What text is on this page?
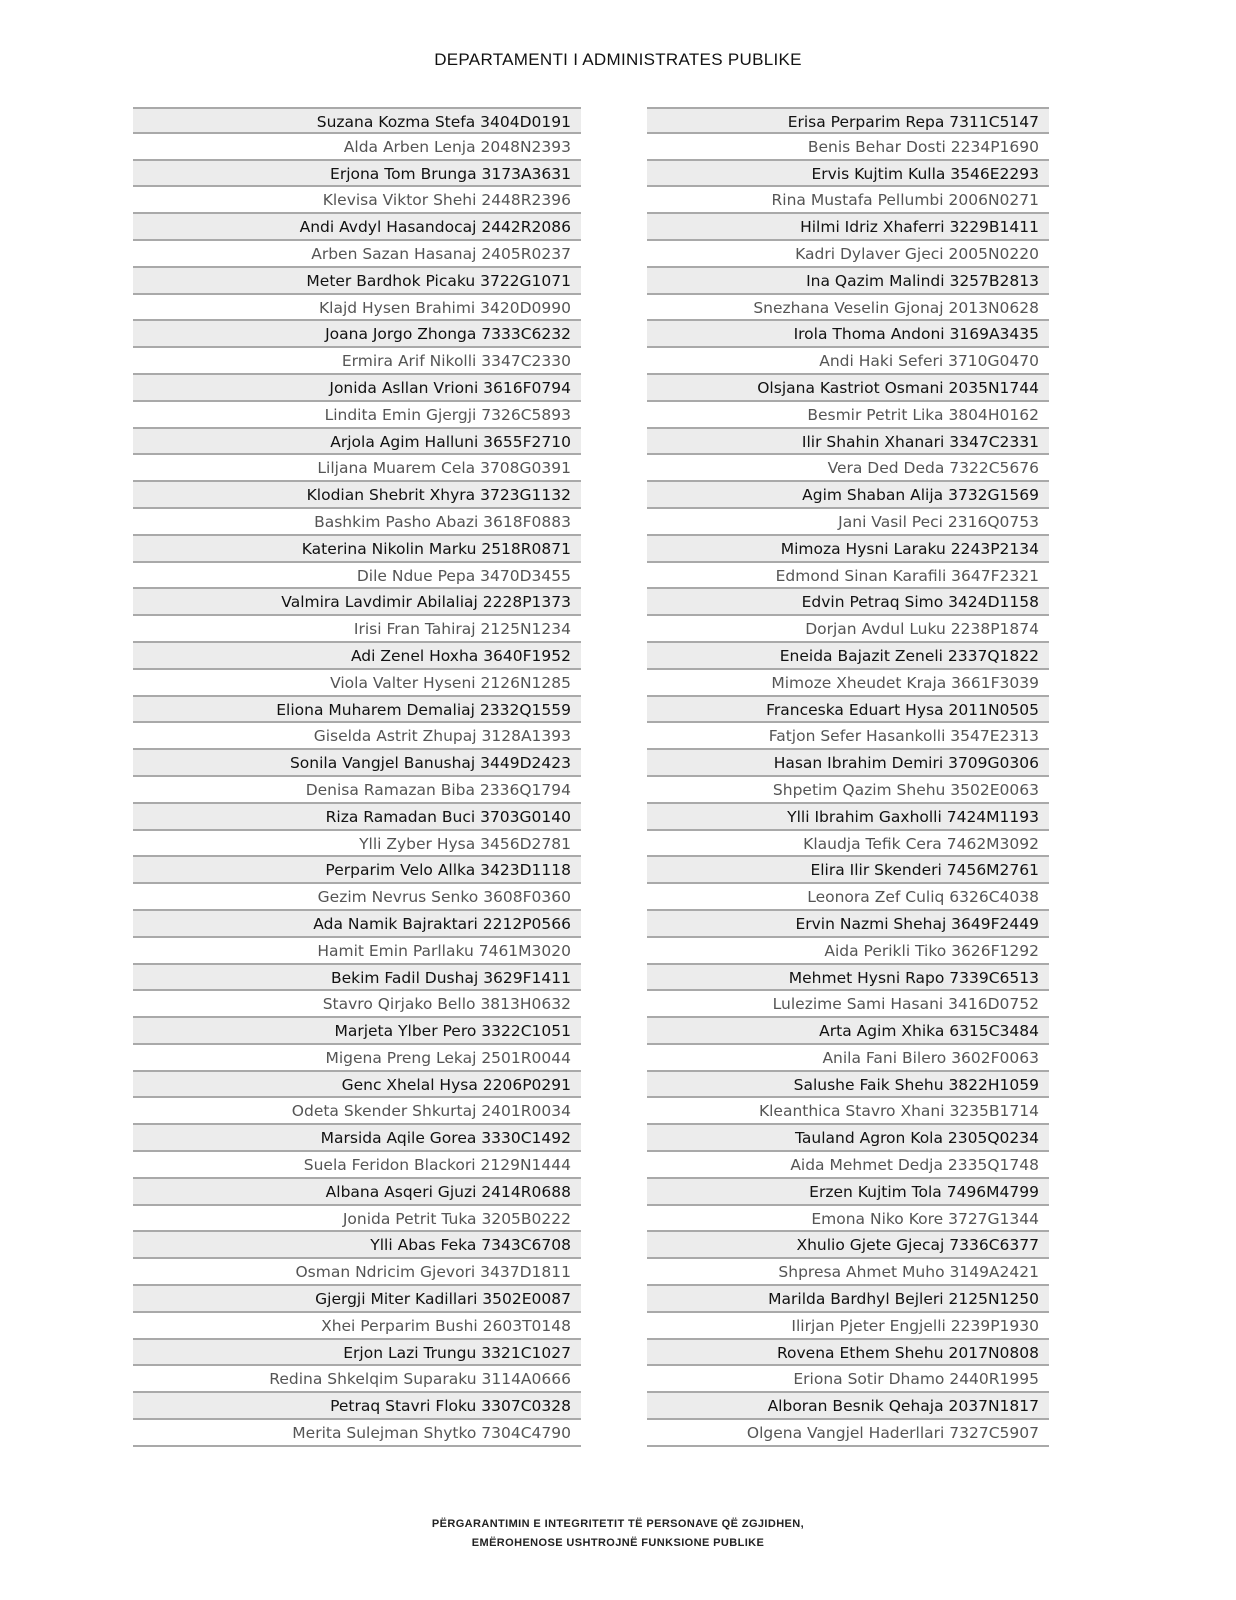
DEPARTAMENTI I ADMINISTRATES PUBLIKE
Suzana Kozma Stefa 3404D0191
Alda Arben Lenja 2048N2393
Erjona Tom Brunga 3173A3631
Klevisa Viktor Shehi 2448R2396
Andi Avdyl Hasandocaj 2442R2086
Arben Sazan Hasanaj 2405R0237
Meter Bardhok Picaku 3722G1071
Klajd Hysen Brahimi 3420D0990
Joana Jorgo Zhonga 7333C6232
Ermira Arif Nikolli 3347C2330
Jonida Asllan Vrioni 3616F0794
Lindita Emin Gjergji 7326C5893
Arjola Agim Halluni 3655F2710
Liljana Muarem Cela 3708G0391
Klodian Shebrit Xhyra 3723G1132
Bashkim Pasho Abazi 3618F0883
Katerina Nikolin Marku 2518R0871
Dile Ndue Pepa 3470D3455
Valmira Lavdimir Abilaliaj 2228P1373
Irisi Fran Tahiraj 2125N1234
Adi Zenel Hoxha 3640F1952
Viola Valter Hyseni 2126N1285
Eliona Muharem Demaliaj 2332Q1559
Giselda Astrit Zhupaj 3128A1393
Sonila Vangjel Banushaj 3449D2423
Denisa Ramazan Biba 2336Q1794
Riza Ramadan Buci 3703G0140
Ylli Zyber Hysa 3456D2781
Perparim Velo Allka 3423D1118
Gezim Nevrus Senko 3608F0360
Ada Namik Bajraktari 2212P0566
Hamit Emin Parllaku 7461M3020
Bekim Fadil Dushaj 3629F1411
Stavro Qirjako Bello 3813H0632
Marjeta Ylber Pero 3322C1051
Migena Preng Lekaj 2501R0044
Genc Xhelal Hysa 2206P0291
Odeta Skender Shkurtaj 2401R0034
Marsida Aqile Gorea 3330C1492
Suela Feridon Blackori 2129N1444
Albana Asqeri Gjuzi 2414R0688
Jonida Petrit Tuka 3205B0222
Ylli Abas Feka 7343C6708
Osman Ndricim Gjevori 3437D1811
Gjergji Miter Kadillari 3502E0087
Xhei Perparim Bushi 2603T0148
Erjon Lazi Trungu 3321C1027
Redina Shkelqim Suparaku 3114A0666
Petraq Stavri Floku 3307C0328
Merita Sulejman Shytko 7304C4790
Erisa Perparim Repa 7311C5147
Benis Behar Dosti 2234P1690
Ervis Kujtim Kulla 3546E2293
Rina Mustafa Pellumbi 2006N0271
Hilmi Idriz Xhaferri 3229B1411
Kadri Dylaver Gjeci 2005N0220
Ina Qazim Malindi 3257B2813
Snezhana Veselin Gjonaj 2013N0628
Irola Thoma Andoni 3169A3435
Andi Haki Seferi 3710G0470
Olsjana Kastriot Osmani 2035N1744
Besmir Petrit Lika 3804H0162
Ilir Shahin Xhanari 3347C2331
Vera Ded Deda 7322C5676
Agim Shaban Alija 3732G1569
Jani Vasil Peci 2316Q0753
Mimoza Hysni Laraku 2243P2134
Edmond Sinan Karafili 3647F2321
Edvin Petraq Simo 3424D1158
Dorjan Avdul Luku 2238P1874
Eneida Bajazit Zeneli 2337Q1822
Mimoze Xheudet Kraja 3661F3039
Franceska Eduart Hysa 2011N0505
Fatjon Sefer Hasankolli 3547E2313
Hasan Ibrahim Demiri 3709G0306
Shpetim Qazim Shehu 3502E0063
Ylli Ibrahim Gaxholli 7424M1193
Klaudja Tefik Cera 7462M3092
Elira Ilir Skenderi 7456M2761
Leonora Zef Culiq 6326C4038
Ervin Nazmi Shehaj 3649F2449
Aida Perikli Tiko 3626F1292
Mehmet Hysni Rapo 7339C6513
Lulezime Sami Hasani 3416D0752
Arta Agim Xhika 6315C3484
Anila Fani Bilero 3602F0063
Salushe Faik Shehu 3822H1059
Kleanthica Stavro Xhani 3235B1714
Tauland Agron Kola 2305Q0234
Aida Mehmet Dedja 2335Q1748
Erzen Kujtim Tola 7496M4799
Emona Niko Kore 3727G1344
Xhulio Gjete Gjecaj 7336C6377
Shpresa Ahmet Muho 3149A2421
Marilda Bardhyl Bejleri 2125N1250
Ilirjan Pjeter Engjelli 2239P1930
Rovena Ethem Shehu 2017N0808
Eriona Sotir Dhamo 2440R1995
Alboran Besnik Qehaja 2037N1817
Olgena Vangjel Haderllari 7327C5907
PËRGARANTIMIN E INTEGRITETIT TË PERSONAVE QË ZGJIDHEN,
EMËROHENOSE USHTROJNË FUNKSIONE PUBLIKE
